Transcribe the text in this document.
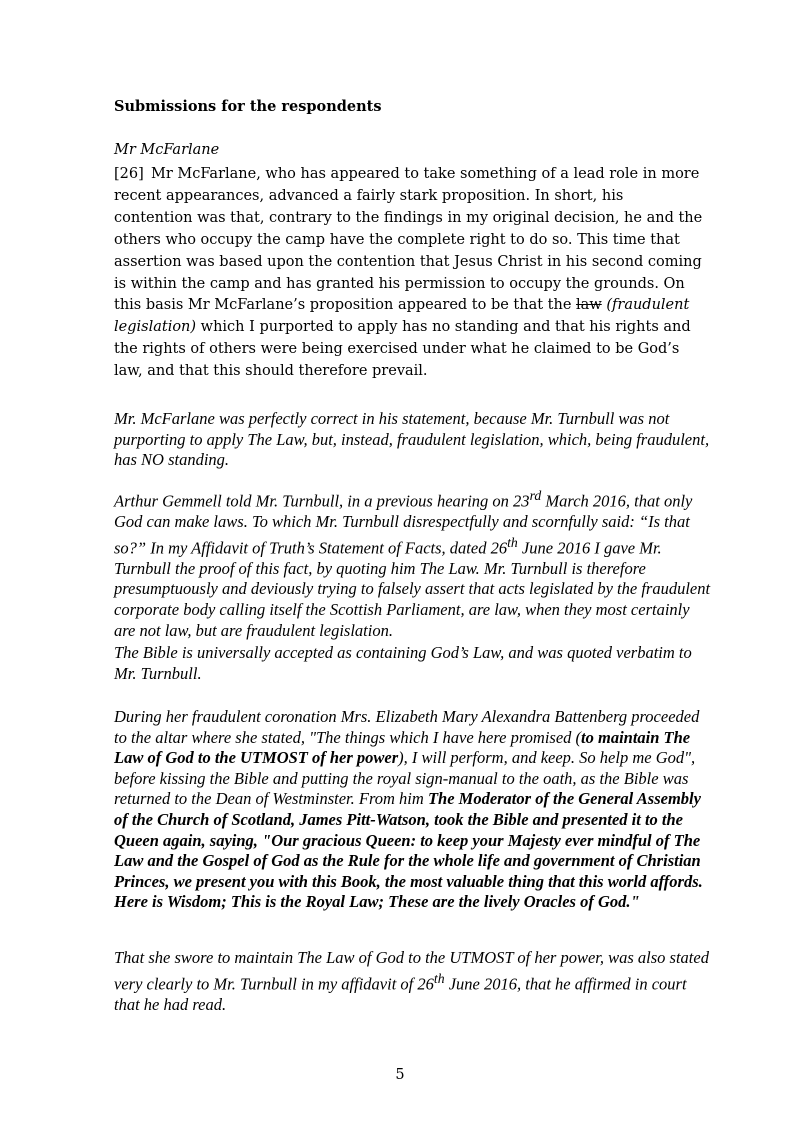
Submissions for the respondents
Mr McFarlane
[26] Mr McFarlane, who has appeared to take something of a lead role in more recent appearances, advanced a fairly stark proposition. In short, his contention was that, contrary to the findings in my original decision, he and the others who occupy the camp have the complete right to do so. This time that assertion was based upon the contention that Jesus Christ in his second coming is within the camp and has granted his permission to occupy the grounds. On this basis Mr McFarlane’s proposition appeared to be that the law (fraudulent legislation) which I purported to apply has no standing and that his rights and the rights of others were being exercised under what he claimed to be God’s law, and that this should therefore prevail.
Mr. McFarlane was perfectly correct in his statement, because Mr. Turnbull was not purporting to apply The Law, but, instead, fraudulent legislation, which, being fraudulent, has NO standing.
Arthur Gemmell told Mr. Turnbull, in a previous hearing on 23rd March 2016, that only God can make laws. To which Mr. Turnbull disrespectfully and scornfully said: “Is that so?” In my Affidavit of Truth’s Statement of Facts, dated 26th June 2016 I gave Mr. Turnbull the proof of this fact, by quoting him The Law. Mr. Turnbull is therefore presumptuously and deviously trying to falsely assert that acts legislated by the fraudulent corporate body calling itself the Scottish Parliament, are law, when they most certainly are not law, but are fraudulent legislation.
The Bible is universally accepted as containing God’s Law, and was quoted verbatim to Mr. Turnbull.
During her fraudulent coronation Mrs. Elizabeth Mary Alexandra Battenberg proceeded to the altar where she stated, "The things which I have here promised (to maintain The Law of God to the UTMOST of her power), I will perform, and keep. So help me God", before kissing the Bible and putting the royal sign-manual to the oath, as the Bible was returned to the Dean of Westminster. From him The Moderator of the General Assembly of the Church of Scotland, James Pitt-Watson, took the Bible and presented it to the Queen again, saying, "Our gracious Queen: to keep your Majesty ever mindful of The Law and the Gospel of God as the Rule for the whole life and government of Christian Princes, we present you with this Book, the most valuable thing that this world affords. Here is Wisdom; This is the Royal Law; These are the lively Oracles of God."
That she swore to maintain The Law of God to the UTMOST of her power, was also stated very clearly to Mr. Turnbull in my affidavit of 26th June 2016, that he affirmed in court that he had read.
5
